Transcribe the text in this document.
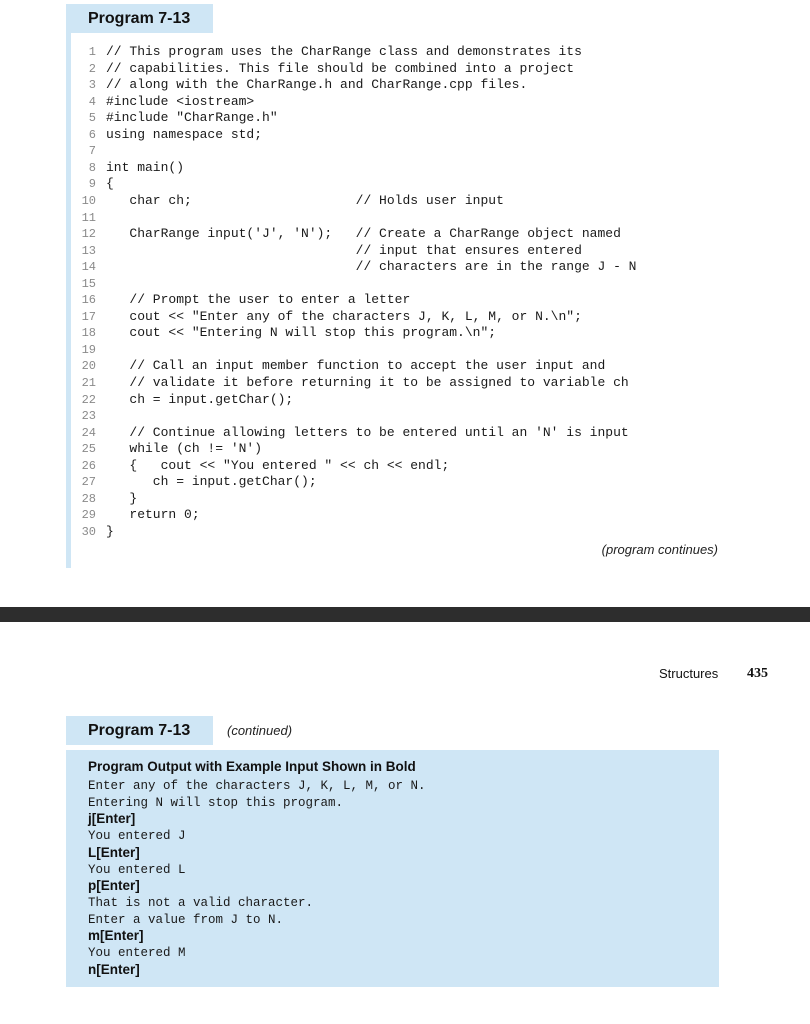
Program 7-13
1 // This program uses the CharRange class and demonstrates its
2 // capabilities. This file should be combined into a project
3 // along with the CharRange.h and CharRange.cpp files.
4 #include <iostream>
5 #include "CharRange.h"
6 using namespace std;
7
8 int main()
9 {
10 char ch;                     // Holds user input
11
12 CharRange input('J', 'N');   // Create a CharRange object named
13 // input that ensures entered
14 // characters are in the range J - N
15
16 // Prompt the user to enter a letter
17 cout << "Enter any of the characters J, K, L, M, or N.\n";
18 cout << "Entering N will stop this program.\n";
19
20 // Call an input member function to accept the user input and
21 // validate it before returning it to be assigned to variable ch
22 ch = input.getChar();
23
24 // Continue allowing letters to be entered until an 'N' is input
25 while (ch != 'N')
26 {   cout << "You entered " << ch << endl;
27 ch = input.getChar();
28 }
29 return 0;
30 }
(program continues)
Structures 435
Program 7-13	(continued)
Program Output with Example Input Shown in Bold
Enter any of the characters J, K, L, M, or N.
Entering N will stop this program.
j[Enter]
You entered J
L[Enter]
You entered L
p[Enter]
That is not a valid character.
Enter a value from J to N.
m[Enter]
You entered M
n[Enter]
